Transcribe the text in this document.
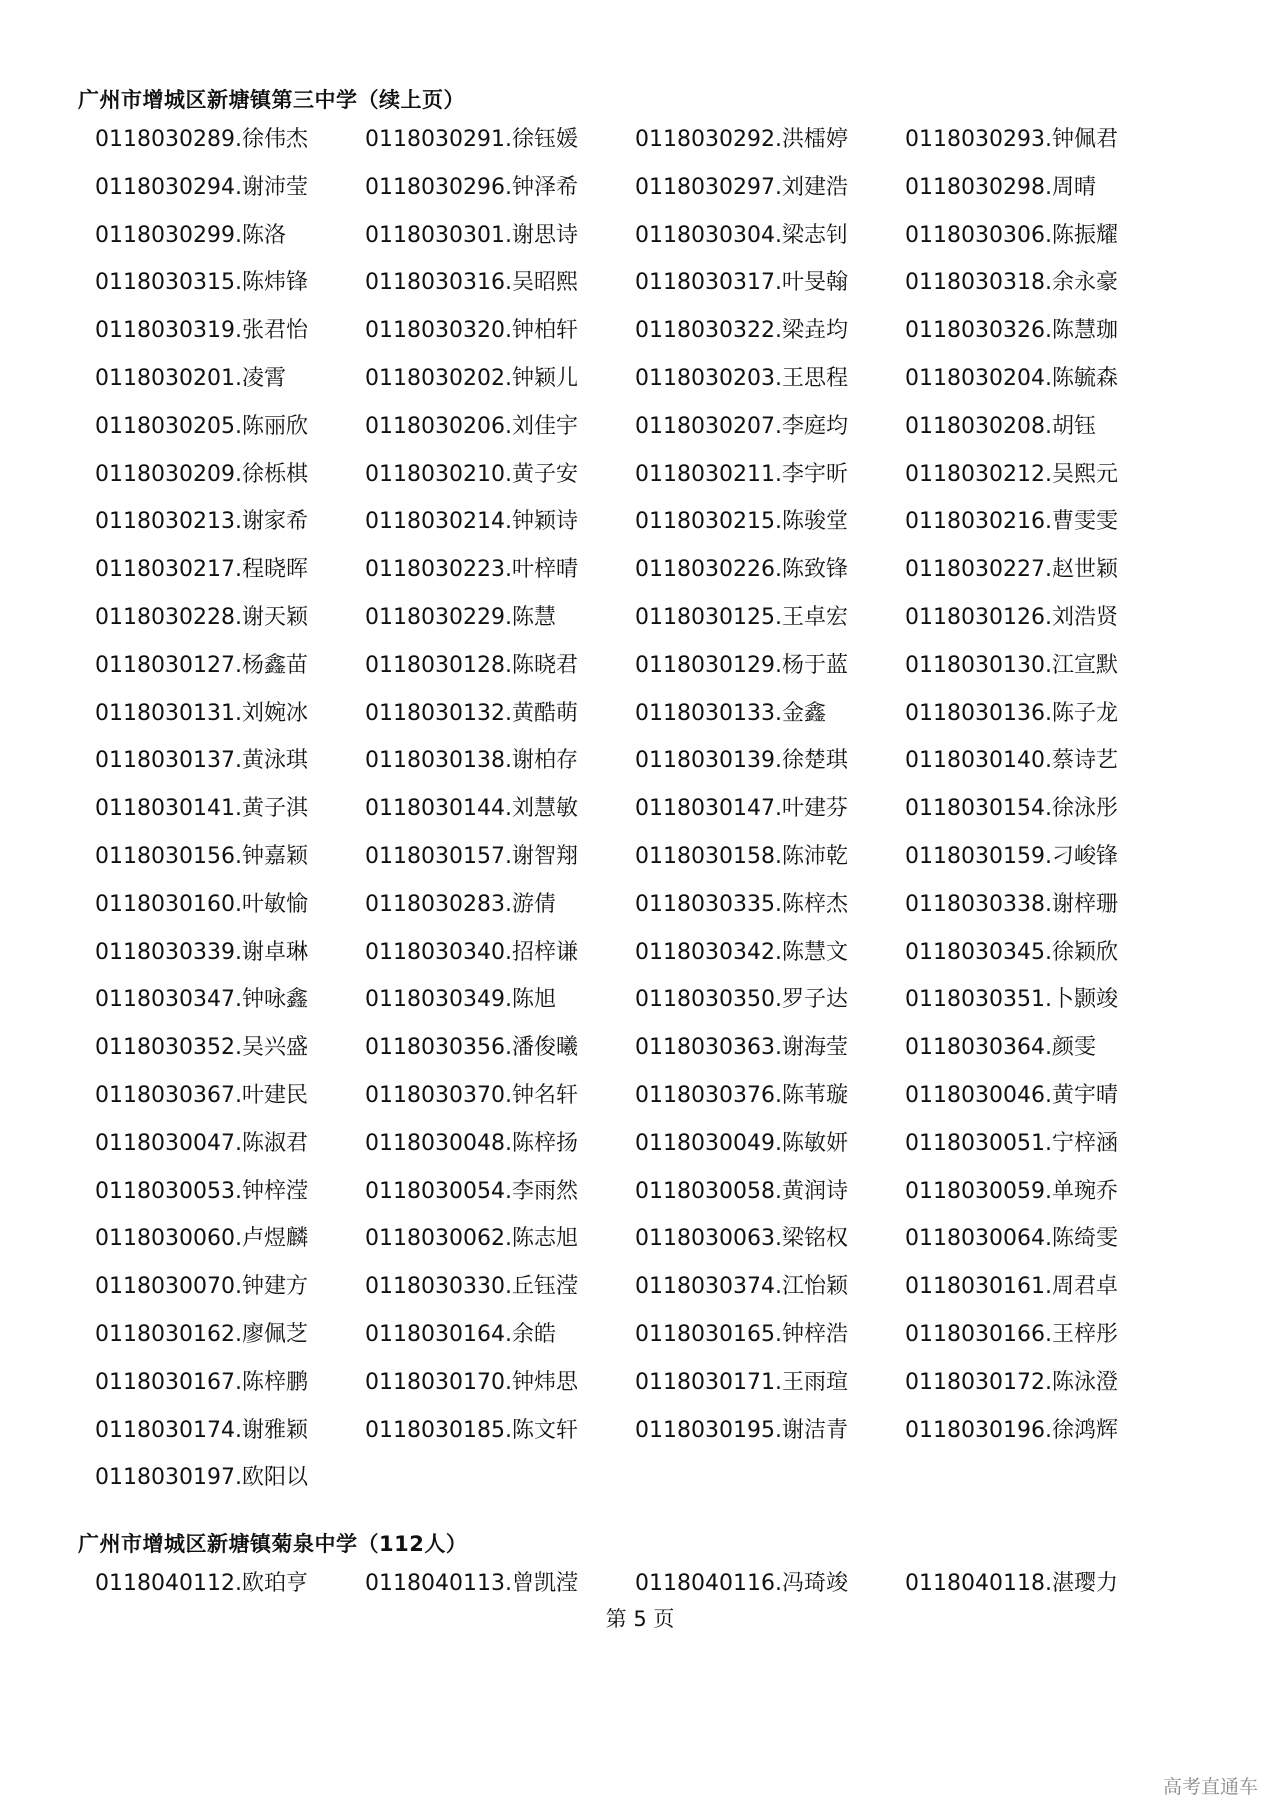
广州市增城区新塘镇第三中学（续上页）
0118030289.徐伟杰	0118030291.徐钰媛	0118030292.洪檑婷	0118030293.钟佩君
0118030294.谢沛莹	0118030296.钟泽希	0118030297.刘建浩	0118030298.周晴
0118030299.陈洛	0118030301.谢思诗	0118030304.梁志钊	0118030306.陈振耀
0118030315.陈炜锋	0118030316.吴昭熙	0118030317.叶旻翰	0118030318.余永豪
0118030319.张君怡	0118030320.钟柏轩	0118030322.梁垚均	0118030326.陈慧珈
0118030201.凌霄	0118030202.钟颖儿	0118030203.王思程	0118030204.陈毓森
0118030205.陈丽欣	0118030206.刘佳宇	0118030207.李庭均	0118030208.胡钰
0118030209.徐栎棋	0118030210.黄子安	0118030211.李宇昕	0118030212.吴熙元
0118030213.谢家希	0118030214.钟颖诗	0118030215.陈骏堂	0118030216.曹雯雯
0118030217.程晓晖	0118030223.叶梓晴	0118030226.陈致锋	0118030227.赵世颖
0118030228.谢天颖	0118030229.陈慧	0118030125.王卓宏	0118030126.刘浩贤
0118030127.杨鑫苗	0118030128.陈晓君	0118030129.杨于蓝	0118030130.江宣默
0118030131.刘婉冰	0118030132.黄酷萌	0118030133.金鑫	0118030136.陈子龙
0118030137.黄泳琪	0118030138.谢柏存	0118030139.徐楚琪	0118030140.蔡诗艺
0118030141.黄子淇	0118030144.刘慧敏	0118030147.叶建芬	0118030154.徐泳彤
0118030156.钟嘉颖	0118030157.谢智翔	0118030158.陈沛乾	0118030159.刁峻锋
0118030160.叶敏愉	0118030283.游倩	0118030335.陈梓杰	0118030338.谢梓珊
0118030339.谢卓琳	0118030340.招梓谦	0118030342.陈慧文	0118030345.徐颖欣
0118030347.钟咏鑫	0118030349.陈旭	0118030350.罗子达	0118030351.卜颢竣
0118030352.吴兴盛	0118030356.潘俊曦	0118030363.谢海莹	0118030364.颜雯
0118030367.叶建民	0118030370.钟名轩	0118030376.陈苇璇	0118030046.黄宇晴
0118030047.陈淑君	0118030048.陈梓扬	0118030049.陈敏妍	0118030051.宁梓涵
0118030053.钟梓滢	0118030054.李雨然	0118030058.黄润诗	0118030059.单琬乔
0118030060.卢煜麟	0118030062.陈志旭	0118030063.梁铭权	0118030064.陈绮雯
0118030070.钟建方	0118030330.丘钰滢	0118030374.江怡颖	0118030161.周君卓
0118030162.廖佩芝	0118030164.余皓	0118030165.钟梓浩	0118030166.王梓彤
0118030167.陈梓鹏	0118030170.钟炜思	0118030171.王雨瑄	0118030172.陈泳澄
0118030174.谢雅颖	0118030185.陈文轩	0118030195.谢洁青	0118030196.徐鸿辉
0118030197.欧阳以
广州市增城区新塘镇菊泉中学（112人）
0118040112.欧珀亨	0118040113.曾凯滢	0118040116.冯琦竣	0118040118.湛璎力
第 5 页
高考直通车
